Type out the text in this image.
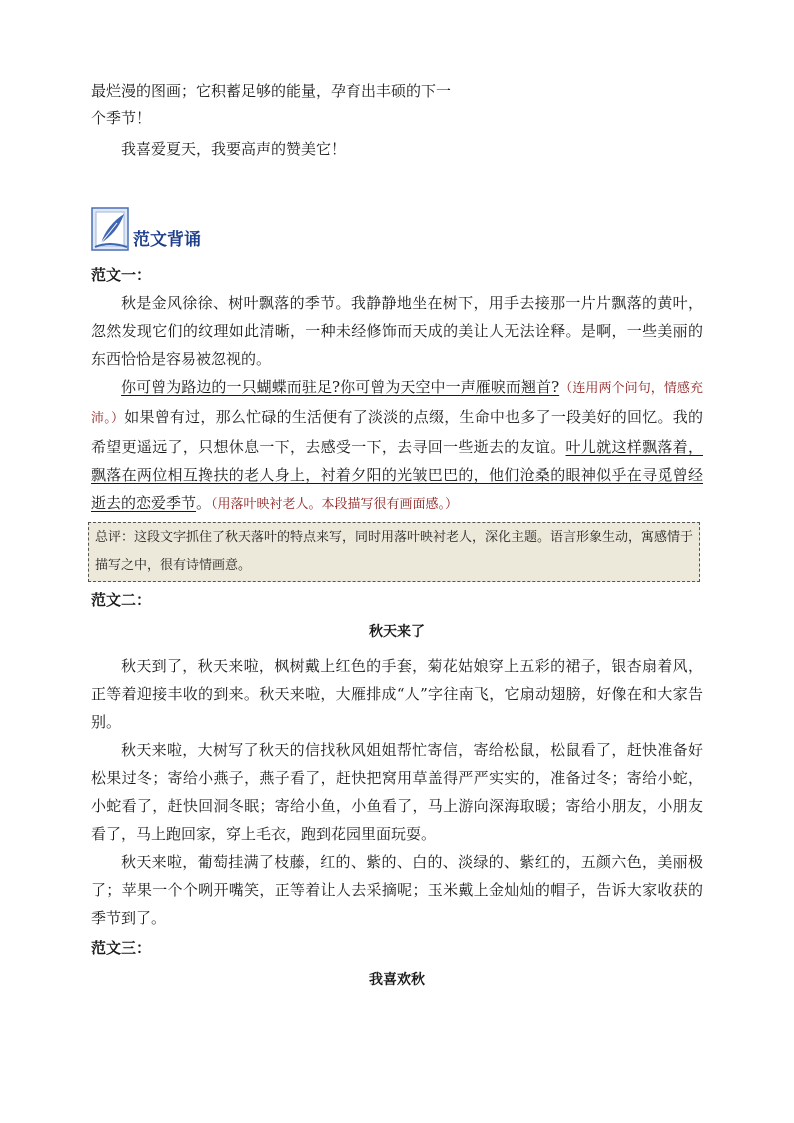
最烂漫的图画；它积蓄足够的能量，孕育出丰硕的下一

个季节！

我喜爱夏天，我要高声的赞美它！

范文背诵

范文一：

秋是金风徐徐、树叶飘落的季节。我静静地坐在树下，用手去接那一片片飘落的黄叶，忽然发现它们的纹理如此清晰，一种未经修饰而天成的美让人无法诠释。是啊，一些美丽的东西恰恰是容易被忽视的。

你可曾为路边的一只蝴蝶而驻足?你可曾为天空中一声雁唳而翘首?（连用两个问句，情感充沛。）如果曾有过，那么忙碌的生活便有了淡淡的点缀，生命中也多了一段美好的回忆。我的希望更遥远了，只想休息一下，去感受一下，去寻回一些逝去的友谊。叶儿就这样飘落着，飘落在两位相互搀扶的老人身上，衬着夕阳的光皱巴巴的，他们沧桑的眼神似乎在寻觅曾经逝去的恋爱季节。（用落叶映衬老人。本段描写很有画面感。）

总评：这段文字抓住了秋天落叶的特点来写，同时用落叶映衬老人，深化主题。语言形象生动，寓感情于描写之中，很有诗情画意。

范文二：

秋天来了

秋天到了，秋天来啦，枫树戴上红色的手套，菊花姑娘穿上五彩的裙子，银杏扇着风，正等着迎接丰收的到来。秋天来啦，大雁排成“人”字往南飞，它扇动翅膀，好像在和大家告别。

秋天来啦，大树写了秋天的信找秋风姐姐帮忙寄信，寄给松鼠，松鼠看了，赶快准备好松果过冬；寄给小燕子，燕子看了，赶快把窝用草盖得严严实实的，准备过冬；寄给小蛇，小蛇看了，赶快回洞冬眠；寄给小鱼，小鱼看了，马上游向深海取暖；寄给小朋友，小朋友看了，马上跑回家，穿上毛衣，跑到花园里面玩耍。

秋天来啦，葡萄挂满了枝藤，红的、紫的、白的、淡绿的、紫红的，五颜六色，美丽极了；苹果一个个咧开嘴笑，正等着让人去采摘呢；玉米戴上金灿灿的帽子，告诉大家收获的季节到了。

范文三：

我喜欢秋
